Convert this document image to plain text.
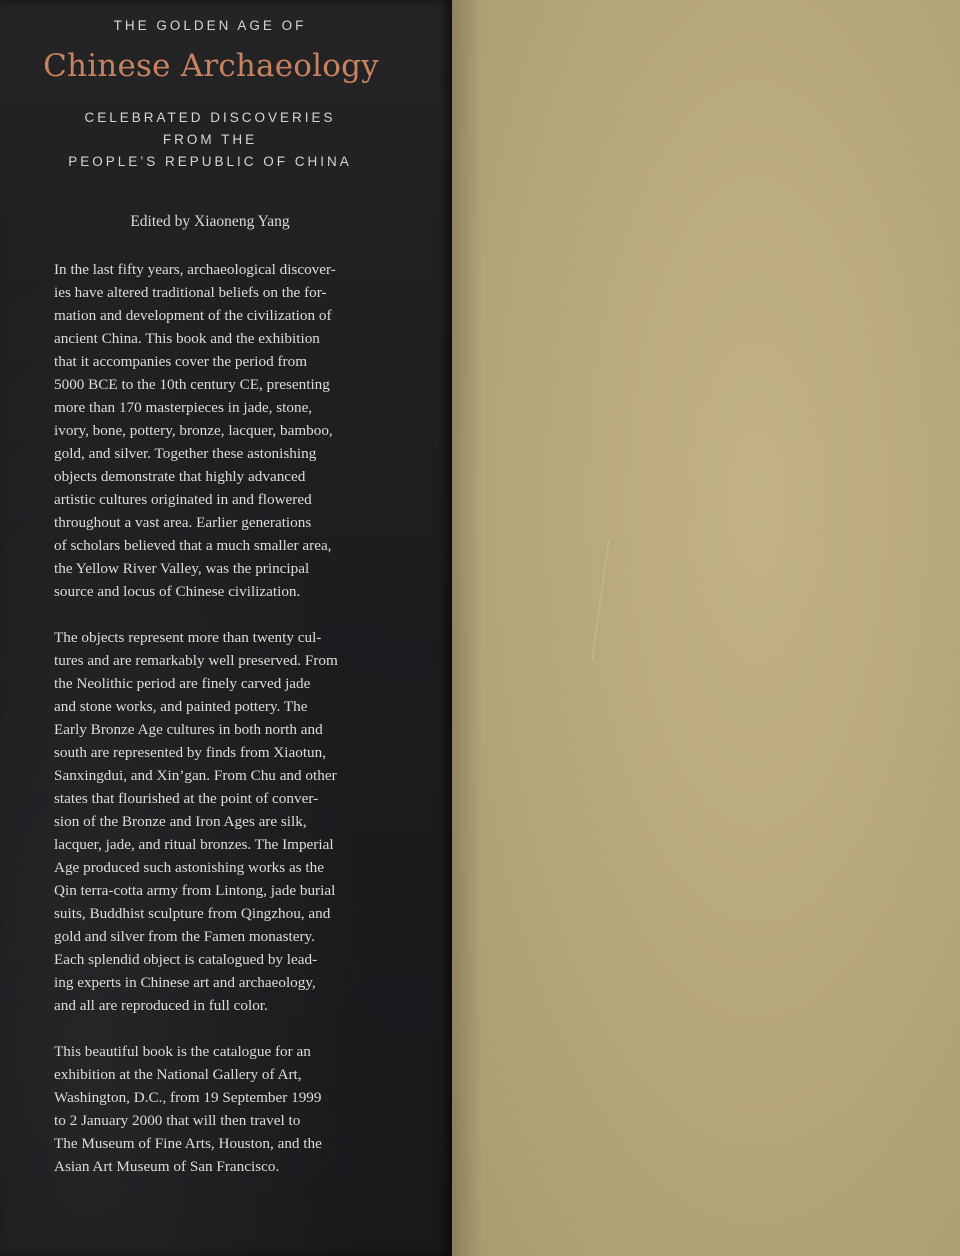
THE GOLDEN AGE OF
Chinese Archaeology
CELEBRATED DISCOVERIES
FROM THE
PEOPLE’S REPUBLIC OF CHINA
Edited by Xiaoneng Yang

In the last fifty years, archaeological discover-
ies have altered traditional beliefs on the for-
mation and development of the civilization of
ancient China. This book and the exhibition
that it accompanies cover the period from
5000 BCE to the 10th century CE, presenting
more than 170 masterpieces in jade, stone,
ivory, bone, pottery, bronze, lacquer, bamboo,
gold, and silver. Together these astonishing
objects demonstrate that highly advanced
artistic cultures originated in and flowered
throughout a vast area. Earlier generations
of scholars believed that a much smaller area,
the Yellow River Valley, was the principal
source and locus of Chinese civilization.

The objects represent more than twenty cul-
tures and are remarkably well preserved. From
the Neolithic period are finely carved jade
and stone works, and painted pottery. The
Early Bronze Age cultures in both north and
south are represented by finds from Xiaotun,
Sanxingdui, and Xin’gan. From Chu and other
states that flourished at the point of conver-
sion of the Bronze and Iron Ages are silk,
lacquer, jade, and ritual bronzes. The Imperial
Age produced such astonishing works as the
Qin terra-cotta army from Lintong, jade burial
suits, Buddhist sculpture from Qingzhou, and
gold and silver from the Famen monastery.
Each splendid object is catalogued by lead-
ing experts in Chinese art and archaeology,
and all are reproduced in full color.

This beautiful book is the catalogue for an
exhibition at the National Gallery of Art,
Washington, D.C., from 19 September 1999
to 2 January 2000 that will then travel to
The Museum of Fine Arts, Houston, and the
Asian Art Museum of San Francisco.
